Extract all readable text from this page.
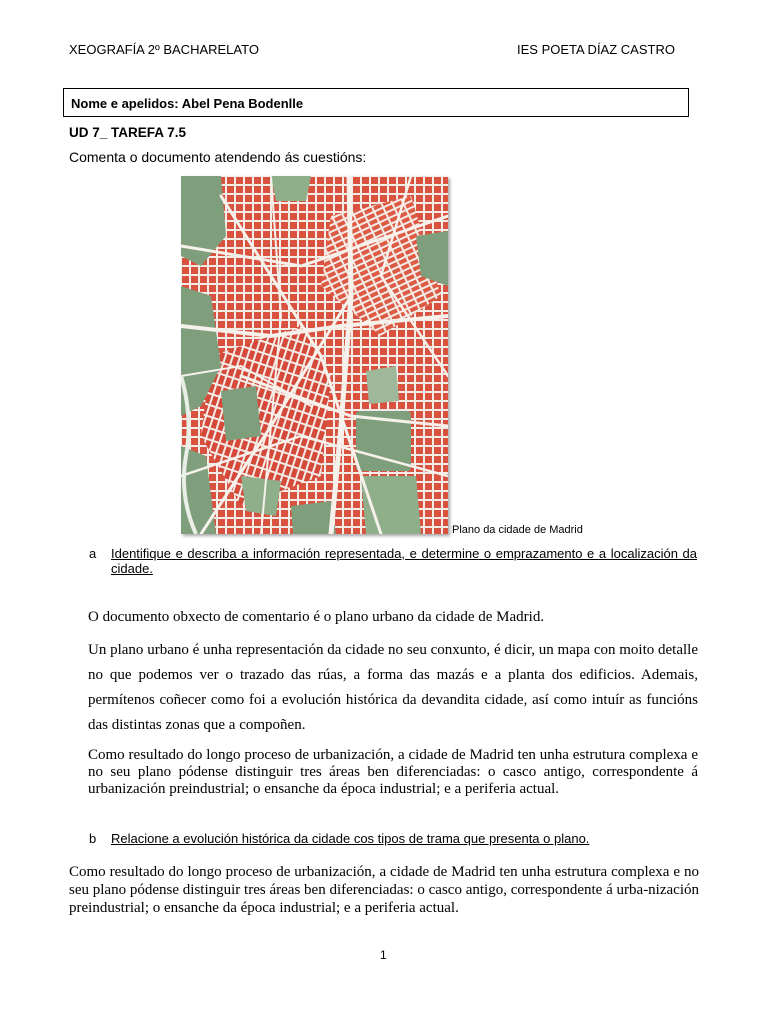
XEOGRAFÍA 2º BACHARELATO	IES POETA DÍAZ CASTRO
Nome e apelidos: Abel Pena Bodenlle
UD 7_ TAREFA 7.5
Comenta o documento atendendo ás cuestións:
Plano da cidade de Madrid
a Identifique e describa a información representada, e determine o emprazamento e a localización da cidade.
O documento obxecto de comentario é o plano urbano da cidade de Madrid.
Un plano urbano é unha representación da cidade no seu conxunto, é dicir, un mapa con moito detalle no que podemos ver o trazado das rúas, a forma das mazás e a planta dos edificios. Ademais, permítenos coñecer como foi a evolución histórica da devandita cidade, así como intuír as funcións das distintas zonas que a compoñen.
Como resultado do longo proceso de urbanización, a cidade de Madrid ten unha estrutura complexa e no seu plano pódense distinguir tres áreas ben diferenciadas: o casco antigo, correspondente á urbanización preindustrial; o ensanche da época industrial; e a periferia actual.
b Relacione a evolución histórica da cidade cos tipos de trama que presenta o plano.
Como resultado do longo proceso de urbanización, a cidade de Madrid ten unha estrutura complexa e no seu plano pódense distinguir tres áreas ben diferenciadas: o casco antigo, correspondente á urba-nización preindustrial; o ensanche da época industrial; e a periferia actual.
1
